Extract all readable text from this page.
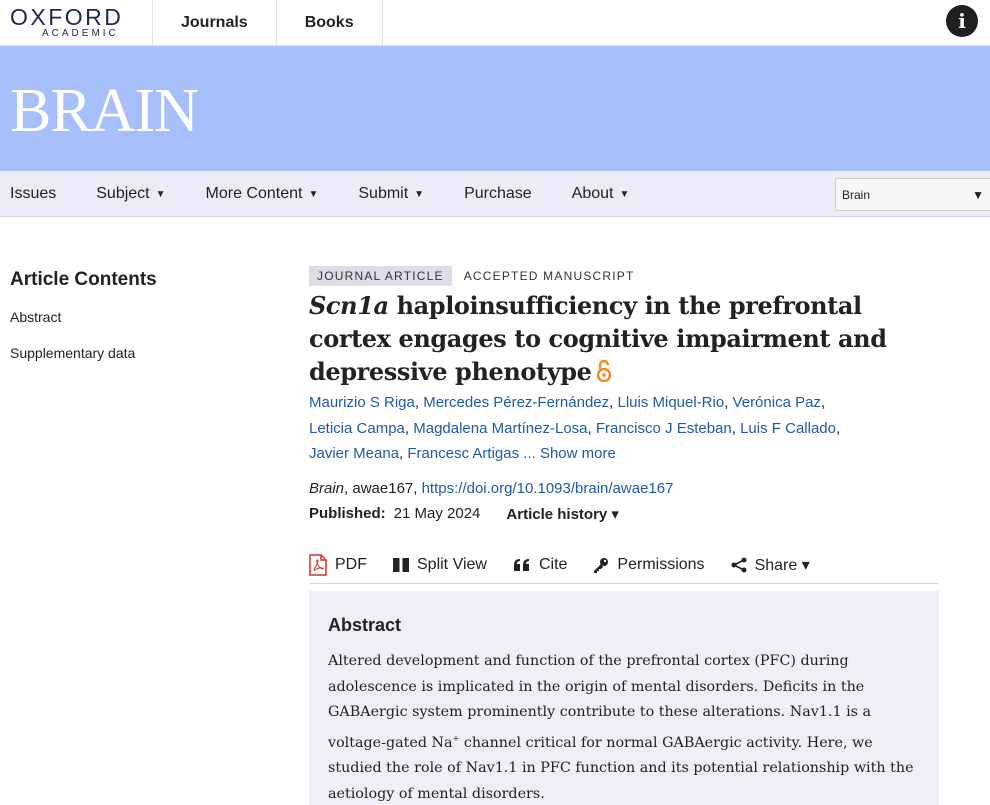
OXFORD
ACADEMIC
Journals	Books	i
BRAIN
Issues	Subject ▼	More Content ▼	Submit ▼	Purchase	About ▼	Brain	▼
Article Contents
Abstract
Supplementary data
JOURNAL ARTICLE	ACCEPTED MANUSCRIPT
Scn1a haploinsufficiency in the prefrontal cortex engages to cognitive impairment and depressive phenotype
Maurizio S Riga, Mercedes Pérez-Fernández, Lluis Miquel-Rio, Verónica Paz,
Leticia Campa, Magdalena Martínez-Losa, Francisco J Esteban, Luis F Callado,
Javier Meana, Francesc Artigas ... Show more
Brain, awae167, https://doi.org/10.1093/brain/awae167
Published: 21 May 2024 Article history ▾
PDF	Split View	Cite	Permissions	Share ▾
Abstract
Altered development and function of the prefrontal cortex (PFC) during adolescence is implicated in the origin of mental disorders. Deficits in the GABAergic system prominently contribute to these alterations. Nav1.1 is a voltage-gated Na+ channel critical for normal GABAergic activity. Here, we studied the role of Nav1.1 in PFC function and its potential relationship with the aetiology of mental disorders.
